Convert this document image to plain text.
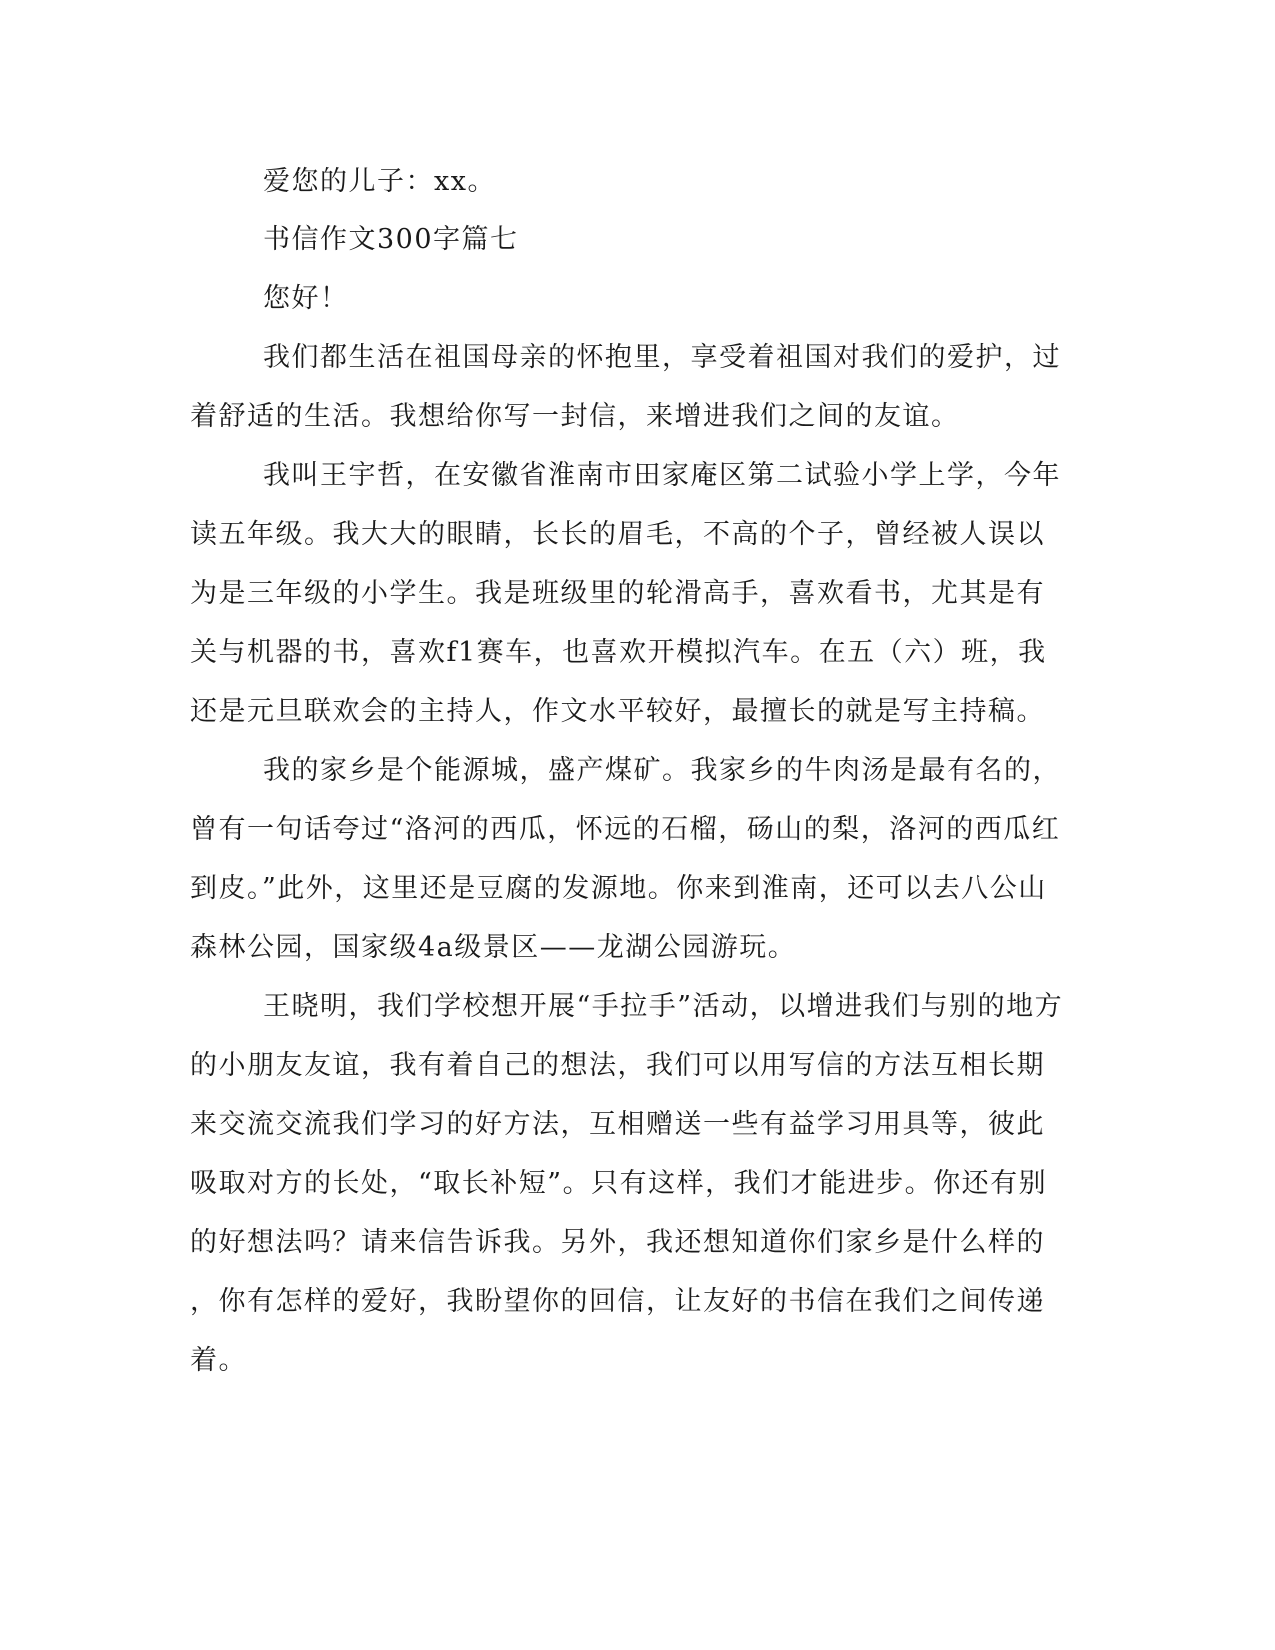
爱您的儿子：xx。
书信作文300字篇七
您好！
我们都生活在祖国母亲的怀抱里，享受着祖国对我们的爱护，过
着舒适的生活。我想给你写一封信，来增进我们之间的友谊。
我叫王宇哲，在安徽省淮南市田家庵区第二试验小学上学，今年
读五年级。我大大的眼睛，长长的眉毛，不高的个子，曾经被人误以
为是三年级的小学生。我是班级里的轮滑高手，喜欢看书，尤其是有
关与机器的书，喜欢f1赛车，也喜欢开模拟汽车。在五（六）班，我
还是元旦联欢会的主持人，作文水平较好，最擅长的就是写主持稿。
我的家乡是个能源城，盛产煤矿。我家乡的牛肉汤是最有名的，
曾有一句话夸过“洛河的西瓜，怀远的石榴，砀山的梨，洛河的西瓜红
到皮。”此外，这里还是豆腐的发源地。你来到淮南，还可以去八公山
森林公园，国家级4a级景区——龙湖公园游玩。
王晓明，我们学校想开展“手拉手”活动，以增进我们与别的地方
的小朋友友谊，我有着自己的想法，我们可以用写信的方法互相长期
来交流交流我们学习的好方法，互相赠送一些有益学习用具等，彼此
吸取对方的长处，“取长补短”。只有这样，我们才能进步。你还有别
的好想法吗？请来信告诉我。另外，我还想知道你们家乡是什么样的
，你有怎样的爱好，我盼望你的回信，让友好的书信在我们之间传递
着。
